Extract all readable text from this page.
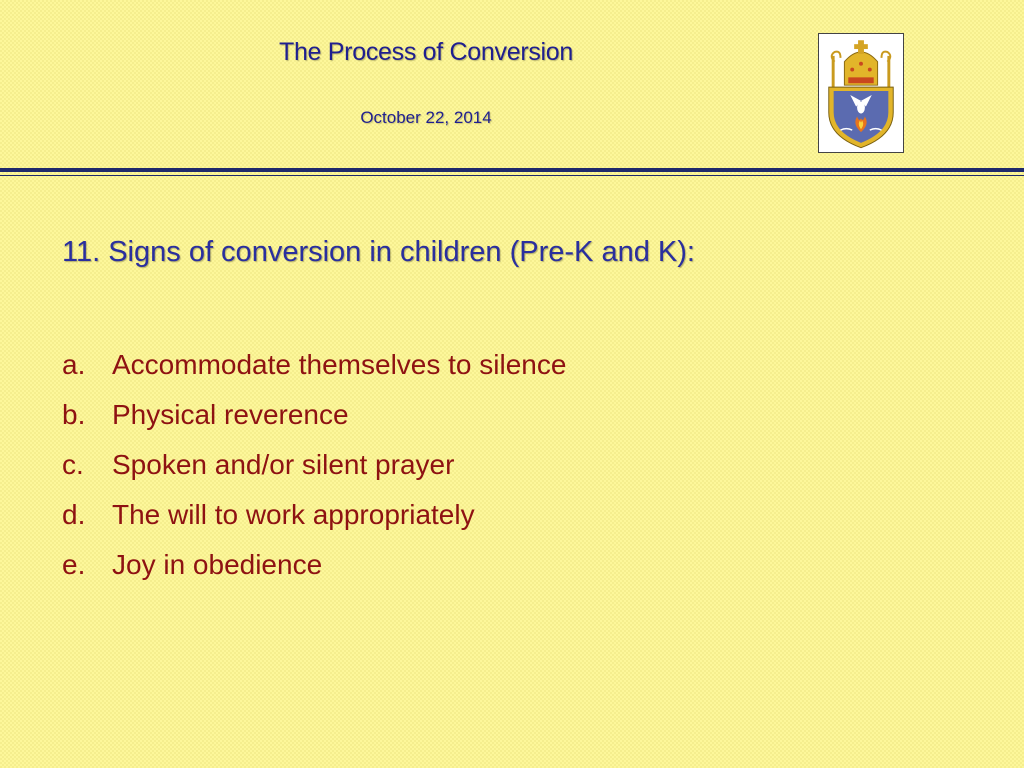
The Process of Conversion
October 22, 2014
11. Signs of conversion in children (Pre-K and K):
a. Accommodate themselves to silence
b. Physical reverence
c.	Spoken and/or silent prayer
d. The will to work appropriately
e. Joy in obedience
